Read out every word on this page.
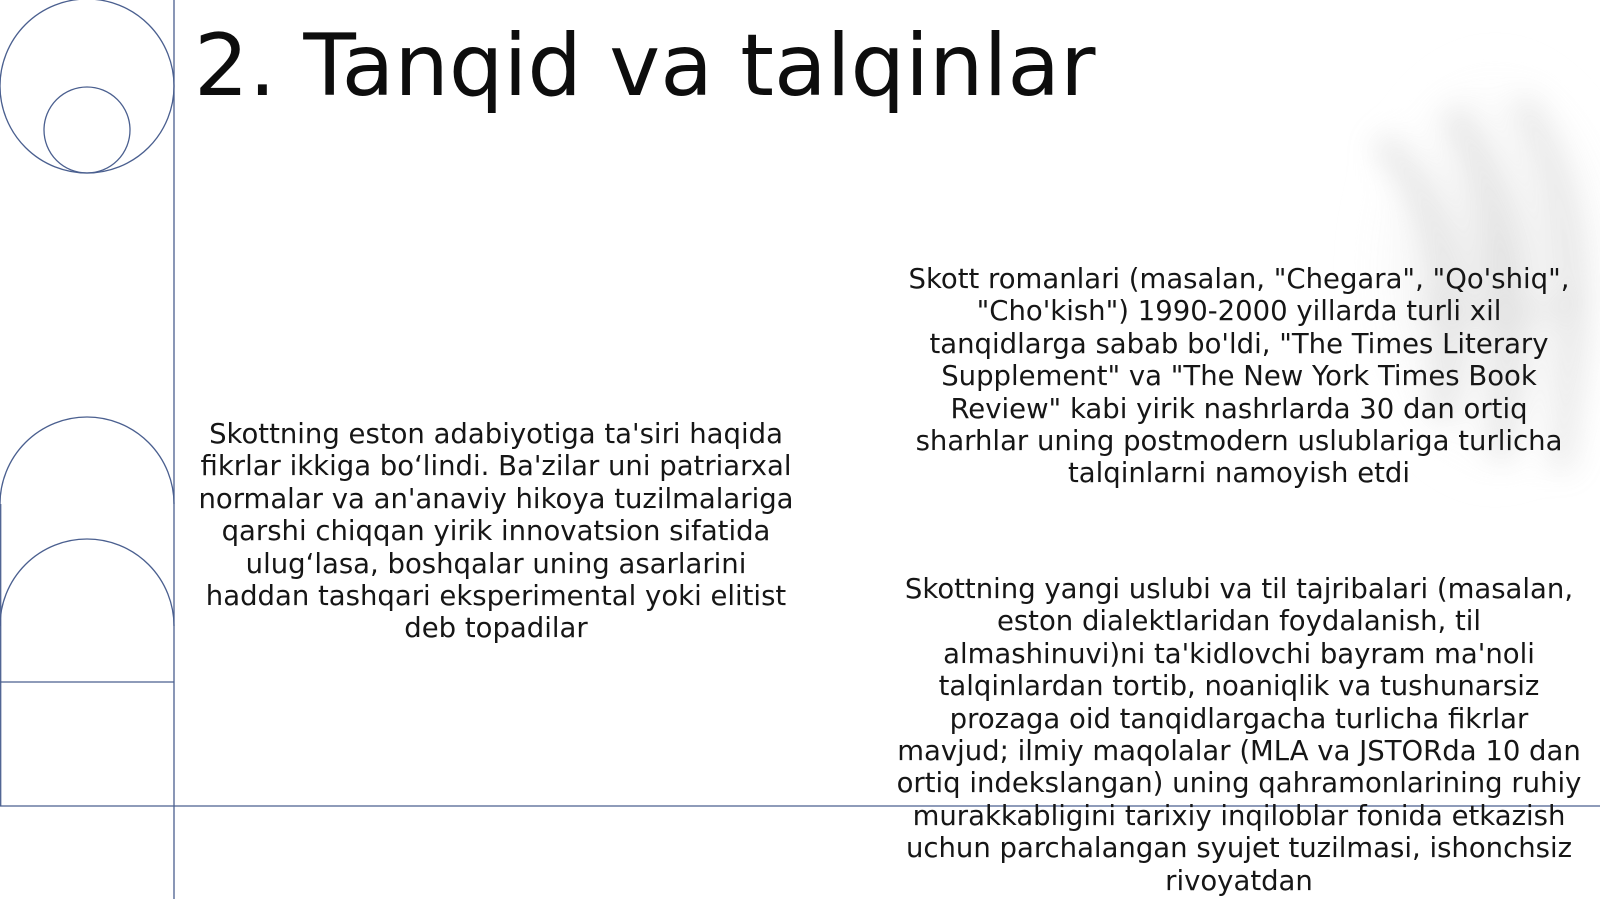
2. Tanqid va talqinlar

Skottning eston adabiyotiga ta'siri haqida fikrlar ikkiga bo‘lindi. Ba'zilar uni patriarxal normalar va an'anaviy hikoya tuzilmalariga qarshi chiqqan yirik innovatsion sifatida ulug‘lasa, boshqalar uning asarlarini haddan tashqari eksperimental yoki elitist deb topadilar

Skott romanlari (masalan, "Chegara", "Qo'shiq", "Cho'kish") 1990-2000 yillarda turli xil tanqidlarga sabab bo'ldi, "The Times Literary Supplement" va "The New York Times Book Review" kabi yirik nashrlarda 30 dan ortiq sharhlar uning postmodern uslublariga turlicha talqinlarni namoyish etdi

Skottning yangi uslubi va til tajribalari (masalan, eston dialektlaridan foydalanish, til almashinuvi)ni ta'kidlovchi bayram ma'noli talqinlardan tortib, noaniqlik va tushunarsiz prozaga oid tanqidlargacha turlicha fikrlar mavjud; ilmiy maqolalar (MLA va JSTORda 10 dan ortiq indekslangan) uning qahramonlarining ruhiy murakkabligini tarixiy inqiloblar fonida etkazish uchun parchalangan syujet tuzilmasi, ishonchsiz rivoyatdan
